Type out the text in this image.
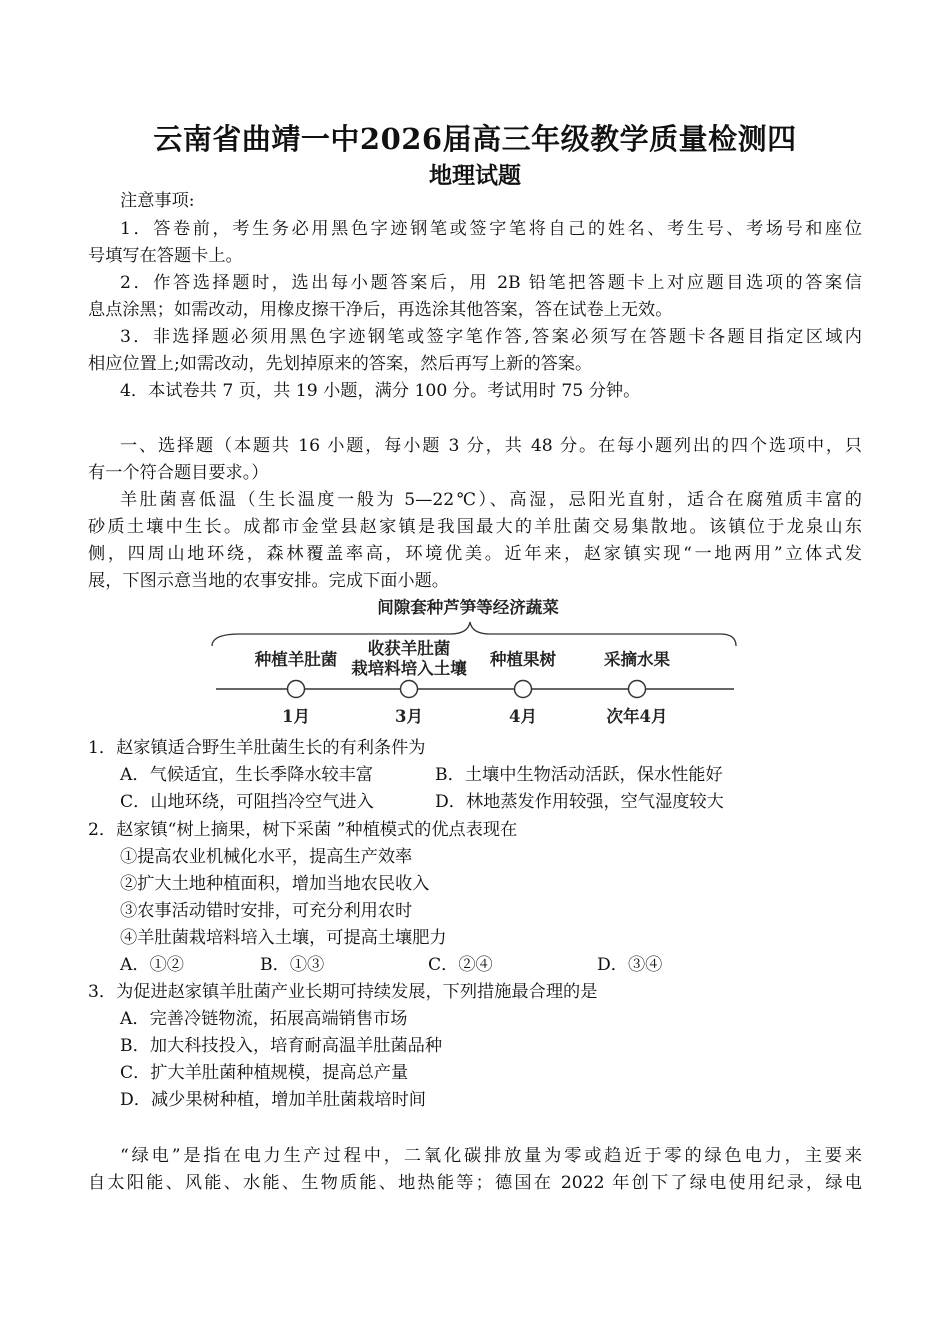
云南省曲靖一中2026届高三年级教学质量检测四
地理试题
注意事项:
1．答卷前，考生务必用黑色字迹钢笔或签字笔将自己的姓名、考生号、考场号和座位
号填写在答题卡上。
2．作答选择题时，选出每小题答案后，用 2B 铅笔把答题卡上对应题目选项的答案信
息点涂黑；如需改动，用橡皮擦干净后，再选涂其他答案，答在试卷上无效。
3．非选择题必须用黑色字迹钢笔或签字笔作答,答案必须写在答题卡各题目指定区域内
相应位置上;如需改动，先划掉原来的答案，然后再写上新的答案。
4．本试卷共 7 页，共 19 小题，满分 100 分。考试用时 75 分钟。
一、选择题（本题共 16 小题，每小题 3 分，共 48 分。在每小题列出的四个选项中，只
有一个符合题目要求。）
羊肚菌喜低温（生长温度一般为 5—22℃）、高湿，忌阳光直射，适合在腐殖质丰富的
砂质土壤中生长。成都市金堂县赵家镇是我国最大的羊肚菌交易集散地。该镇位于龙泉山东
侧，四周山地环绕，森林覆盖率高，环境优美。近年来，赵家镇实现“一地两用”立体式发
展，下图示意当地的农事安排。完成下面小题。
间隙套种芦笋等经济蔬菜
种植羊肚菌
收获羊肚菌
栽培料培入土壤 种植果树	采摘水果
1月	3月	4月	次年4月
1．赵家镇适合野生羊肚菌生长的有利条件为
A．气候适宜，生长季降水较丰富	B．土壤中生物活动活跃，保水性能好
C．山地环绕，可阻挡冷空气进入	D．林地蒸发作用较强，空气湿度较大
2．赵家镇“树上摘果，树下采菌 ”种植模式的优点表现在
①提高农业机械化水平，提高生产效率
②扩大土地种植面积，增加当地农民收入
③农事活动错时安排，可充分利用农时
④羊肚菌栽培料培入土壤，可提高土壤肥力
A．①②	B．①③	C．②④	D．③④
3．为促进赵家镇羊肚菌产业长期可持续发展，下列措施最合理的是
A．完善冷链物流，拓展高端销售市场
B．加大科技投入，培育耐高温羊肚菌品种
C．扩大羊肚菌种植规模，提高总产量
D．减少果树种植，增加羊肚菌栽培时间
“绿电”是指在电力生产过程中，二氧化碳排放量为零或趋近于零的绿色电力，主要来
自太阳能、风能、水能、生物质能、地热能等；德国在 2022 年创下了绿电使用纪录，绿电
